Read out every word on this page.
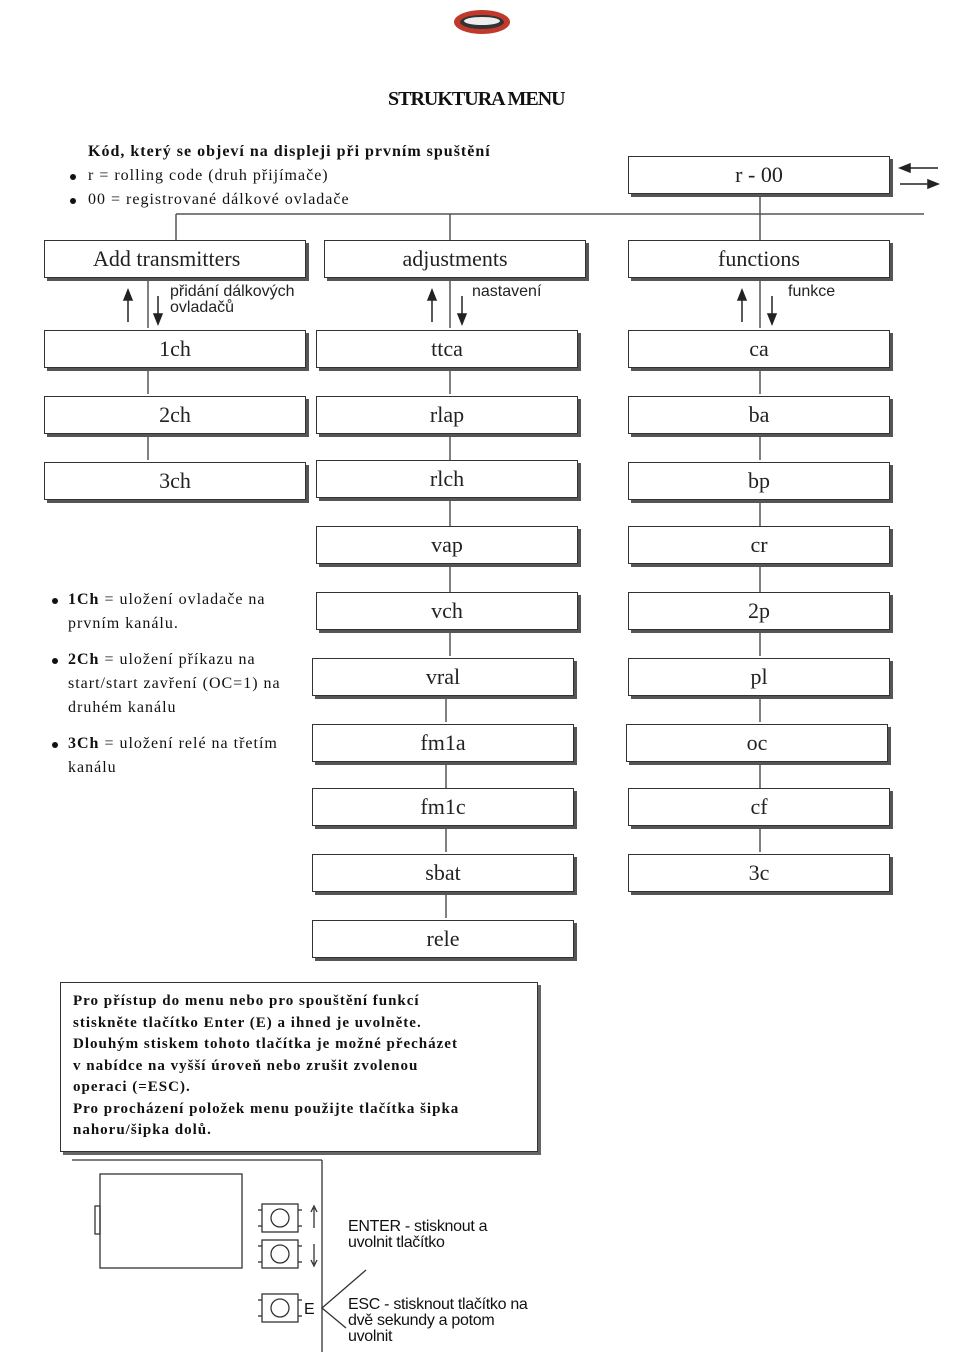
STRUKTURA MENU
Kód, který se objeví na displeji při prvním spuštění
r = rolling code (druh přijímače)
00 = registrované dálkové ovladače
r - 00
Add transmitters
přidání dálkových
ovladačů
1ch
2ch
3ch
adjustments
nastavení
ttca
rlap
rlch
vap
vch
vral
fm1a
fm1c
sbat
rele
functions
funkce
ca
ba
bp
cr
2p
pl
oc
cf
3c
1Ch = uložení ovladače na prvním kanálu.
2Ch = uložení příkazu na start/start zavření (OC=1) na druhém kanálu
3Ch = uložení relé na třetím kanálu
Pro přístup do menu nebo pro spouštění funkcí
stiskněte tlačítko Enter (E) a ihned je uvolněte.
Dlouhým stiskem tohoto tlačítka je možné přecházet
v nabídce na vyšší úroveň nebo zrušit zvolenou
operaci (=ESC).
Pro procházení položek menu použijte tlačítka šipka
nahoru/šipka dolů.
E
ENTER - stisknout a
uvolnit tlačítko
ESC - stisknout tlačítko na
dvě sekundy a potom
uvolnit
